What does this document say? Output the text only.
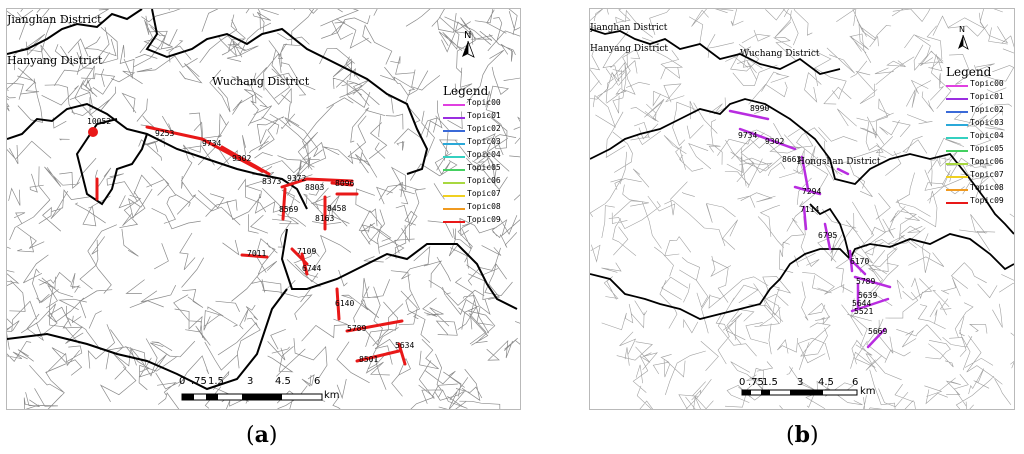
Jianghan District
Hanyang District
Wuchang District
N
Legend
Topic00
Topic01
Topic02
Topic03
Topic04
Topic05
Topic06
Topic07
Topic08
Topic09
10052
9253
9734
9302
8373 9372
8803 8096
8569	8458
8163
7011	7109
6744
6140
5789
5634
8501
0 .75 1.5 3 4.5 6
km
Jianghan District
Hanyang District	Wuchang District
Hongshan District
N
Legend
Topic00
Topic01
Topic02
Topic03
Topic04
Topic05
Topic06
Topic07
Topic08
Topic09
8990
9734
9302
8663
7294
7114
6795
6170
5789
5644
5521
5669
5639
0 .75
1.5 3 4.5 6
km
(a)	(b)
